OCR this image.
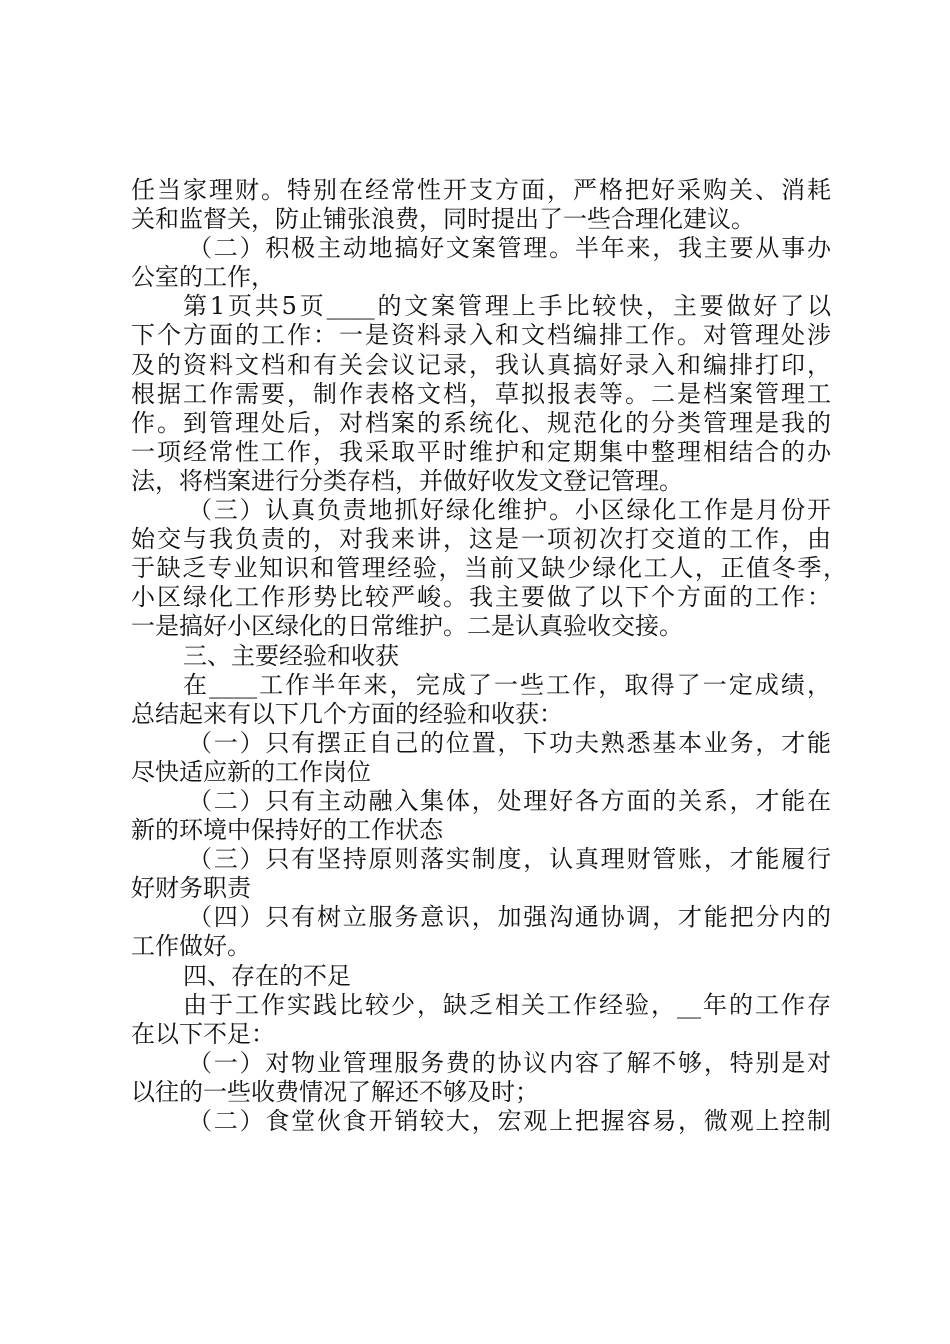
任当家理财。特别在经常性开支方面，严格把好采购关、消耗
关和监督关，防止铺张浪费，同时提出了一些合理化建议。
（二）积极主动地搞好文案管理。半年来，我主要从事办
公室的工作，
第1页共5页____的文案管理上手比较快，主要做好了以
下个方面的工作：一是资料录入和文档编排工作。对管理处涉
及的资料文档和有关会议记录，我认真搞好录入和编排打印，
根据工作需要，制作表格文档，草拟报表等。二是档案管理工
作。到管理处后，对档案的系统化、规范化的分类管理是我的
一项经常性工作，我采取平时维护和定期集中整理相结合的办
法，将档案进行分类存档，并做好收发文登记管理。
（三）认真负责地抓好绿化维护。小区绿化工作是月份开
始交与我负责的，对我来讲，这是一项初次打交道的工作，由
于缺乏专业知识和管理经验，当前又缺少绿化工人，正值冬季，
小区绿化工作形势比较严峻。我主要做了以下个方面的工作：
一是搞好小区绿化的日常维护。二是认真验收交接。
三、主要经验和收获
在____工作半年来，完成了一些工作，取得了一定成绩，
总结起来有以下几个方面的经验和收获：
（一）只有摆正自己的位置，下功夫熟悉基本业务，才能
尽快适应新的工作岗位
（二）只有主动融入集体，处理好各方面的关系，才能在
新的环境中保持好的工作状态
（三）只有坚持原则落实制度，认真理财管账，才能履行
好财务职责
（四）只有树立服务意识，加强沟通协调，才能把分内的
工作做好。
四、存在的不足
由于工作实践比较少，缺乏相关工作经验，__年的工作存
在以下不足：
（一）对物业管理服务费的协议内容了解不够，特别是对
以往的一些收费情况了解还不够及时；
（二）食堂伙食开销较大，宏观上把握容易，微观上控制
